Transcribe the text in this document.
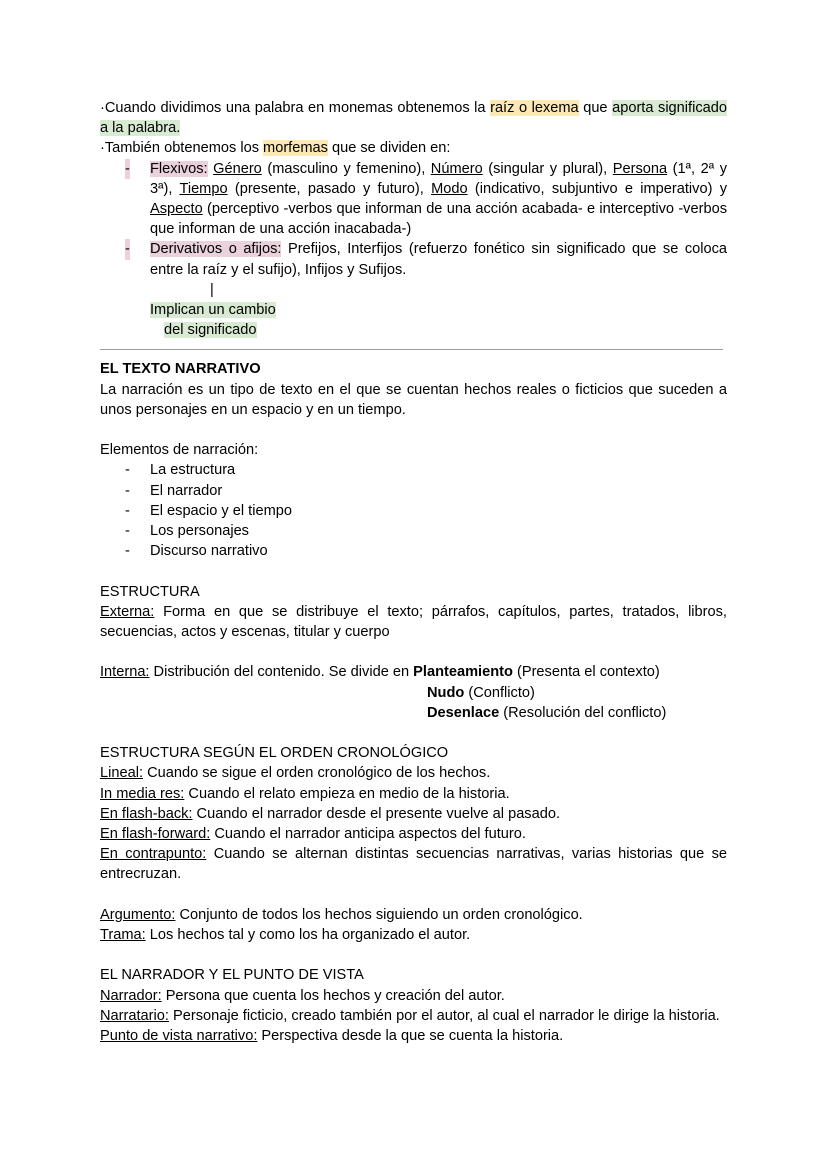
·Cuando dividimos una palabra en monemas obtenemos la raíz o lexema que aporta significado a la palabra.

·También obtenemos los morfemas que se dividen en:

- Flexivos: Género (masculino y femenino), Número (singular y plural), Persona (1ª, 2ª y 3ª), Tiempo (presente, pasado y futuro), Modo (indicativo, subjuntivo e imperativo) y Aspecto (perceptivo -verbos que informan de una acción acabada- e interceptivo -verbos que informan de una acción inacabada-)
- Derivativos o afijos: Prefijos, Interfijos (refuerzo fonético sin significado que se coloca entre la raíz y el sufijo), Infijos y Sufijos.

|

Implican un cambio

del significado

EL TEXTO NARRATIVO

La narración es un tipo de texto en el que se cuentan hechos reales o ficticios que suceden a unos personajes en un espacio y en un tiempo.

Elementos de narración:

- La estructura
- El narrador
- El espacio y el tiempo
- Los personajes
- Discurso narrativo

ESTRUCTURA

Externa: Forma en que se distribuye el texto; párrafos, capítulos, partes, tratados, libros, secuencias, actos y escenas, titular y cuerpo

Interna: Distribución del contenido. Se divide en Planteamiento (Presenta el contexto)

Nudo (Conflicto)

Desenlace (Resolución del conflicto)

ESTRUCTURA SEGÚN EL ORDEN CRONOLÓGICO

Lineal: Cuando se sigue el orden cronológico de los hechos.

In media res: Cuando el relato empieza en medio de la historia.

En flash-back: Cuando el narrador desde el presente vuelve al pasado.

En flash-forward: Cuando el narrador anticipa aspectos del futuro.

En contrapunto: Cuando se alternan distintas secuencias narrativas, varias historias que se entrecruzan.

Argumento: Conjunto de todos los hechos siguiendo un orden cronológico.

Trama: Los hechos tal y como los ha organizado el autor.

EL NARRADOR Y EL PUNTO DE VISTA

Narrador: Persona que cuenta los hechos y creación del autor.

Narratario: Personaje ficticio, creado también por el autor, al cual el narrador le dirige la historia.

Punto de vista narrativo: Perspectiva desde la que se cuenta la historia.
